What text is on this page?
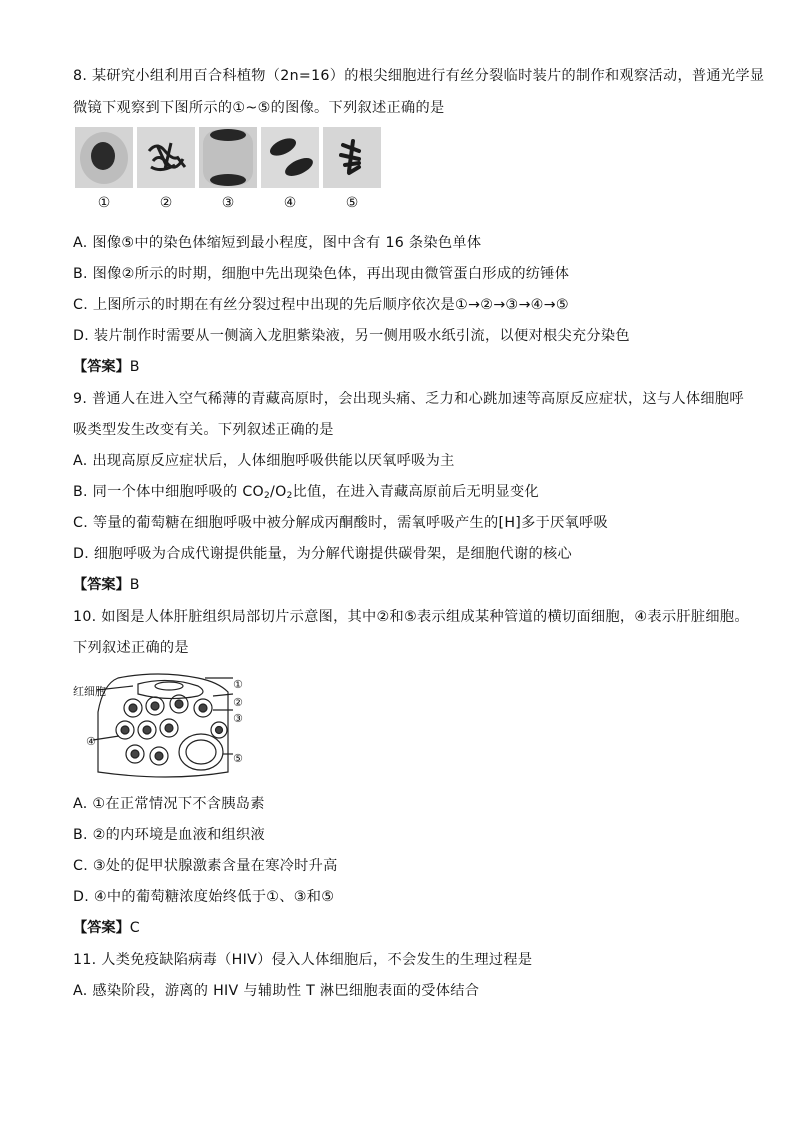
8. 某研究小组利用百合科植物（2n=16）的根尖细胞进行有丝分裂临时装片的制作和观察活动，普通光学显
微镜下观察到下图所示的①~⑤的图像。下列叙述正确的是
①	②	③	④	⑤
A. 图像⑤中的染色体缩短到最小程度，图中含有 16 条染色单体
B. 图像②所示的时期，细胞中先出现染色体，再出现由微管蛋白形成的纺锤体
C. 上图所示的时期在有丝分裂过程中出现的先后顺序依次是①→②→③→④→⑤
D. 装片制作时需要从一侧滴入龙胆紫染液，另一侧用吸水纸引流，以便对根尖充分染色
【答案】B
9. 普通人在进入空气稀薄的青藏高原时，会出现头痛、乏力和心跳加速等高原反应症状，这与人体细胞呼
吸类型发生改变有关。下列叙述正确的是
A. 出现高原反应症状后，人体细胞呼吸供能以厌氧呼吸为主
B. 同一个体中细胞呼吸的 $CO_2/O_2$比值，在进入青藏高原前后无明显变化
C. 等量的葡萄糖在细胞呼吸中被分解成丙酮酸时，需氧呼吸产生的[H]多于厌氧呼吸
D. 细胞呼吸为合成代谢提供能量，为分解代谢提供碳骨架，是细胞代谢的核心
【答案】B
10. 如图是人体肝脏组织局部切片示意图，其中②和⑤表示组成某种管道的横切面细胞，④表示肝脏细胞。
下列叙述正确的是
红细胞
④
①
②
③
⑤
A. ①在正常情况下不含胰岛素
B. ②的内环境是血液和组织液
C. ③处的促甲状腺激素含量在寒冷时升高
D. ④中的葡萄糖浓度始终低于①、③和⑤
【答案】C
11. 人类免疫缺陷病毒（HIV）侵入人体细胞后，不会发生的生理过程是
A. 感染阶段，游离的 HIV 与辅助性 T 淋巴细胞表面的受体结合
